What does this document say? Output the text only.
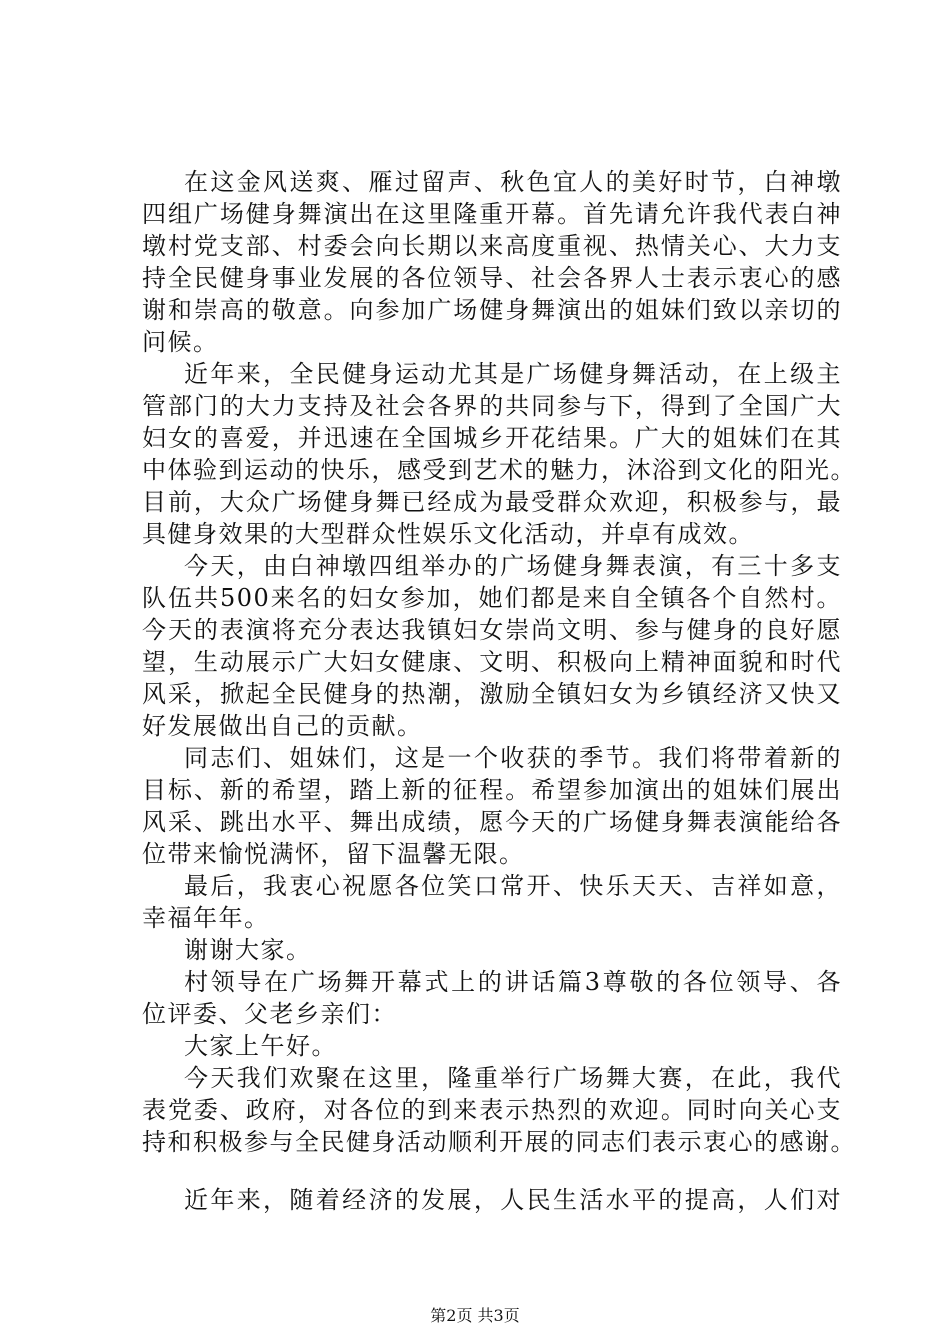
在这金风送爽、雁过留声、秋色宜人的美好时节，白神墩
四组广场健身舞演出在这里隆重开幕。首先请允许我代表白神
墩村党支部、村委会向长期以来高度重视、热情关心、大力支
持全民健身事业发展的各位领导、社会各界人士表示衷心的感
谢和崇高的敬意。向参加广场健身舞演出的姐妹们致以亲切的
问候。
近年来，全民健身运动尤其是广场健身舞活动，在上级主
管部门的大力支持及社会各界的共同参与下，得到了全国广大
妇女的喜爱，并迅速在全国城乡开花结果。广大的姐妹们在其
中体验到运动的快乐，感受到艺术的魅力，沐浴到文化的阳光。
目前，大众广场健身舞已经成为最受群众欢迎，积极参与，最
具健身效果的大型群众性娱乐文化活动，并卓有成效。
今天，由白神墩四组举办的广场健身舞表演，有三十多支
队伍共500来名的妇女参加，她们都是来自全镇各个自然村。
今天的表演将充分表达我镇妇女崇尚文明、参与健身的良好愿
望，生动展示广大妇女健康、文明、积极向上精神面貌和时代
风采，掀起全民健身的热潮，激励全镇妇女为乡镇经济又快又
好发展做出自己的贡献。
同志们、姐妹们，这是一个收获的季节。我们将带着新的
目标、新的希望，踏上新的征程。希望参加演出的姐妹们展出
风采、跳出水平、舞出成绩，愿今天的广场健身舞表演能给各
位带来愉悦满怀，留下温馨无限。
最后，我衷心祝愿各位笑口常开、快乐天天、吉祥如意，
幸福年年。
谢谢大家。
村领导在广场舞开幕式上的讲话篇3尊敬的各位领导、各
位评委、父老乡亲们：
大家上午好。
今天我们欢聚在这里，隆重举行广场舞大赛，在此，我代
表党委、政府，对各位的到来表示热烈的欢迎。同时向关心支
持和积极参与全民健身活动顺利开展的同志们表示衷心的感谢。
近年来，随着经济的发展，人民生活水平的提高，人们对
第2页 共3页
